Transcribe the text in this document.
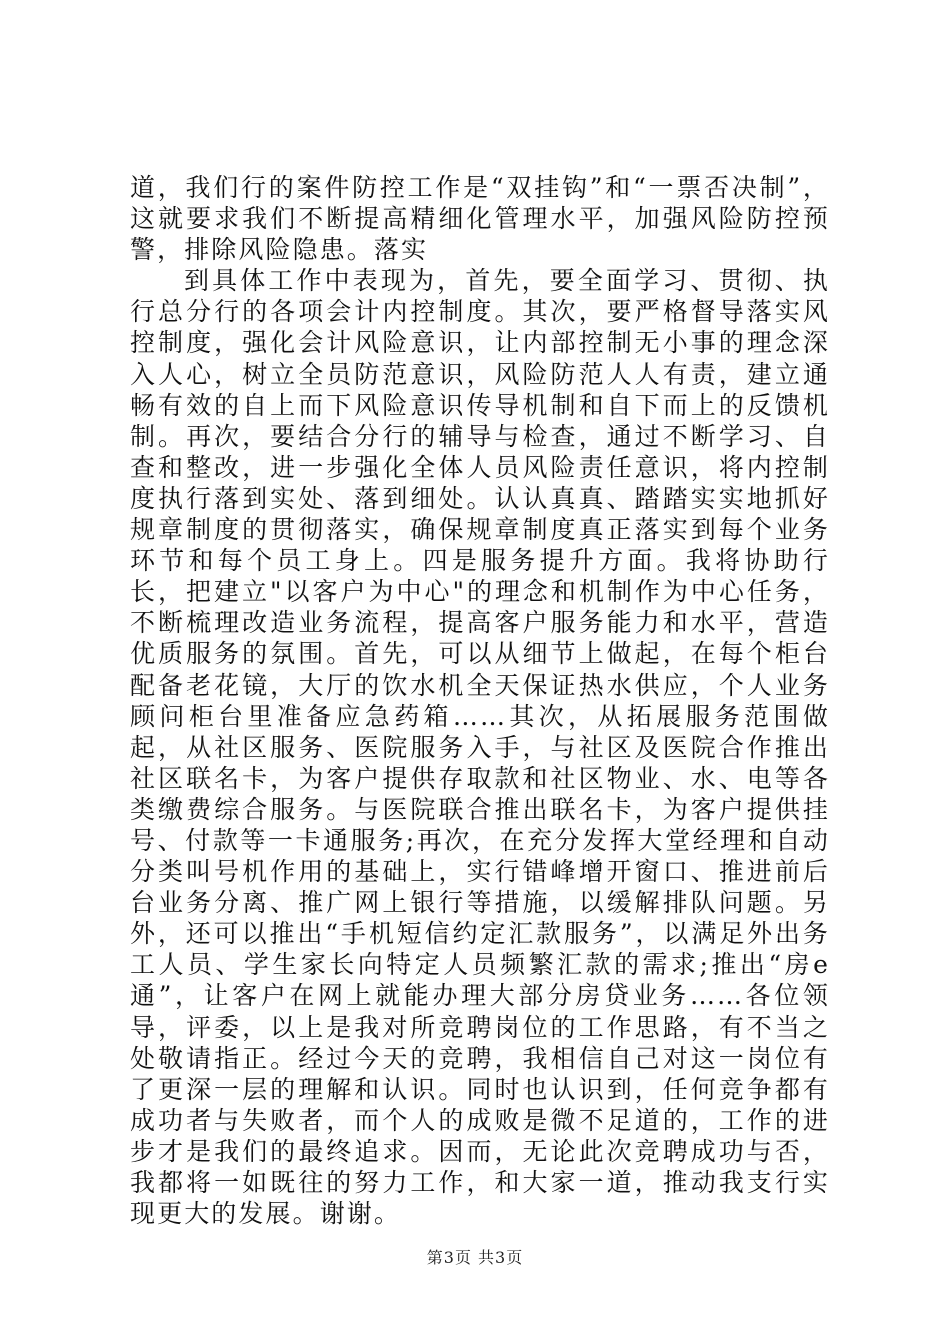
道，我们行的案件防控工作是“双挂钩”和“一票否决制”，这就要求我们不断提高精细化管理水平，加强风险防控预警，排除风险隐患。落实

到具体工作中表现为，首先，要全面学习、贯彻、执行总分行的各项会计内控制度。其次，要严格督导落实风控制度，强化会计风险意识，让内部控制无小事的理念深入人心，树立全员防范意识，风险防范人人有责，建立通畅有效的自上而下风险意识传导机制和自下而上的反馈机制。再次，要结合分行的辅导与检查，通过不断学习、自查和整改，进一步强化全体人员风险责任意识，将内控制度执行落到实处、落到细处。认认真真、踏踏实实地抓好规章制度的贯彻落实，确保规章制度真正落实到每个业务环节和每个员工身上。四是服务提升方面。我将协助行长，把建立"以客户为中心"的理念和机制作为中心任务，不断梳理改造业务流程，提高客户服务能力和水平，营造优质服务的氛围。首先，可以从细节上做起，在每个柜台配备老花镜，大厅的饮水机全天保证热水供应，个人业务顾问柜台里准备应急药箱……其次，从拓展服务范围做起，从社区服务、医院服务入手，与社区及医院合作推出社区联名卡，为客户提供存取款和社区物业、水、电等各类缴费综合服务。与医院联合推出联名卡，为客户提供挂号、付款等一卡通服务;再次，在充分发挥大堂经理和自动分类叫号机作用的基础上，实行错峰增开窗口、推进前后台业务分离、推广网上银行等措施，以缓解排队问题。另外，还可以推出“手机短信约定汇款服务”，以满足外出务工人员、学生家长向特定人员频繁汇款的需求;推出“房e通”，让客户在网上就能办理大部分房贷业务……各位领导，评委，以上是我对所竞聘岗位的工作思路，有不当之处敬请指正。经过今天的竞聘，我相信自己对这一岗位有了更深一层的理解和认识。同时也认识到，任何竞争都有成功者与失败者，而个人的成败是微不足道的，工作的进步才是我们的最终追求。因而，无论此次竞聘成功与否，我都将一如既往的努力工作，和大家一道，推动我支行实现更大的发展。谢谢。

第3页 共3页
